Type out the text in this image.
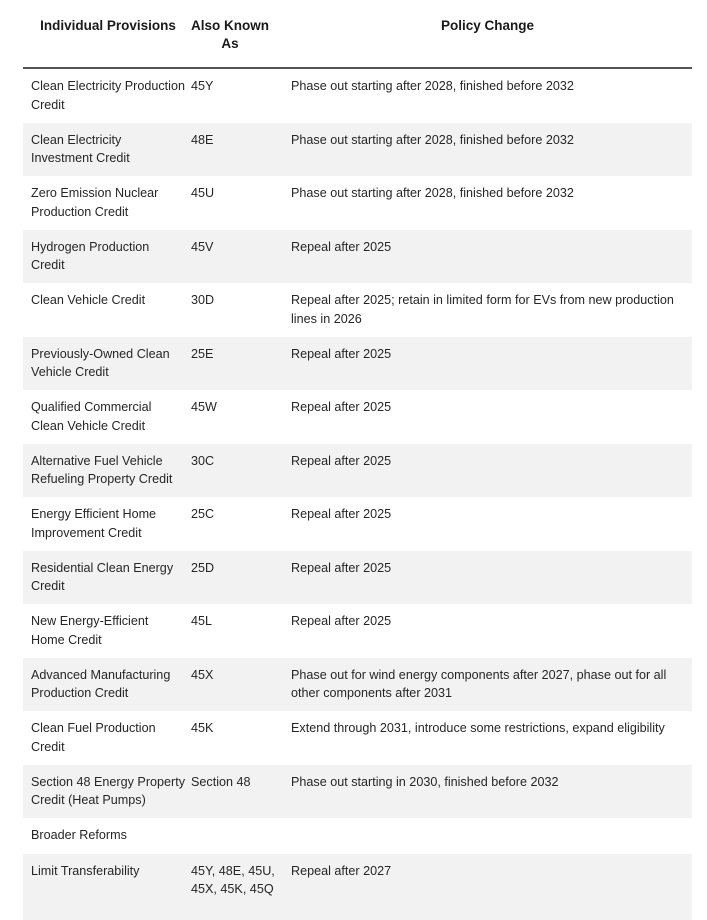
Individual Provisions	Also Known As	Policy Change
Clean Electricity Production Credit	45Y	Phase out starting after 2028, finished before 2032
Clean Electricity Investment Credit	48E	Phase out starting after 2028, finished before 2032
Zero Emission Nuclear Production Credit	45U	Phase out starting after 2028, finished before 2032
Hydrogen Production Credit	45V	Repeal after 2025
Clean Vehicle Credit	30D	Repeal after 2025; retain in limited form for EVs from new production lines in 2026
Previously-Owned Clean Vehicle Credit	25E	Repeal after 2025
Qualified Commercial Clean Vehicle Credit	45W	Repeal after 2025
Alternative Fuel Vehicle Refueling Property Credit	30C	Repeal after 2025
Energy Efficient Home Improvement Credit	25C	Repeal after 2025
Residential Clean Energy Credit	25D	Repeal after 2025
New Energy-Efficient Home Credit	45L	Repeal after 2025
Advanced Manufacturing Production Credit	45X	Phase out for wind energy components after 2027, phase out for all other components after 2031
Clean Fuel Production Credit	45K	Extend through 2031, introduce some restrictions, expand eligibility
Section 48 Energy Property Credit (Heat Pumps)	Section 48	Phase out starting in 2030, finished before 2032
Broader Reforms		
Limit Transferability	45Y, 48E, 45U, 45X, 45K, 45Q	Repeal after 2027
